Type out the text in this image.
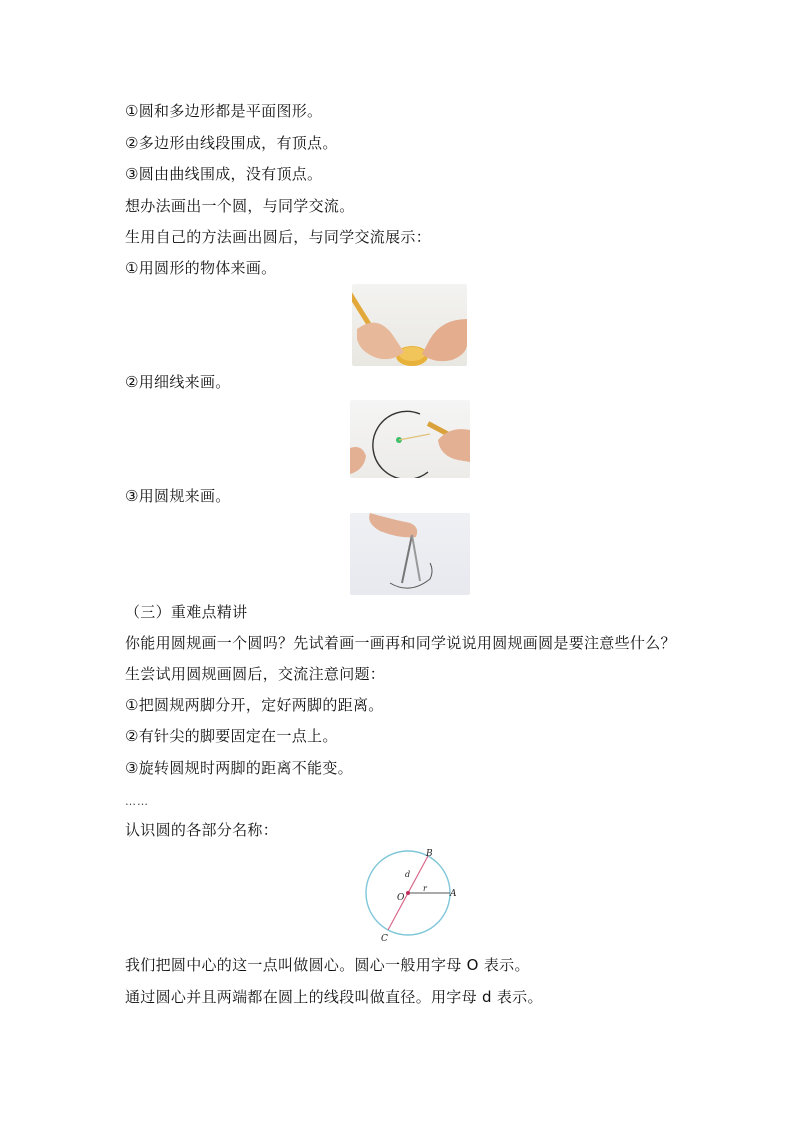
①圆和多边形都是平面图形。
②多边形由线段围成，有顶点。
③圆由曲线围成，没有顶点。
想办法画出一个圆，与同学交流。
生用自己的方法画出圆后，与同学交流展示：
①用圆形的物体来画。
②用细线来画。
③用圆规来画。
（三）重难点精讲
你能用圆规画一个圆吗？先试着画一画再和同学说说用圆规画圆是要注意些什么？
生尝试用圆规画圆后，交流注意问题：
①把圆规两脚分开，定好两脚的距离。
②有针尖的脚要固定在一点上。
③旋转圆规时两脚的距离不能变。
……
认识圆的各部分名称：
B
A
C
O
d
r
我们把圆中心的这一点叫做圆心。圆心一般用字母 O 表示。
通过圆心并且两端都在圆上的线段叫做直径。用字母 d 表示。
